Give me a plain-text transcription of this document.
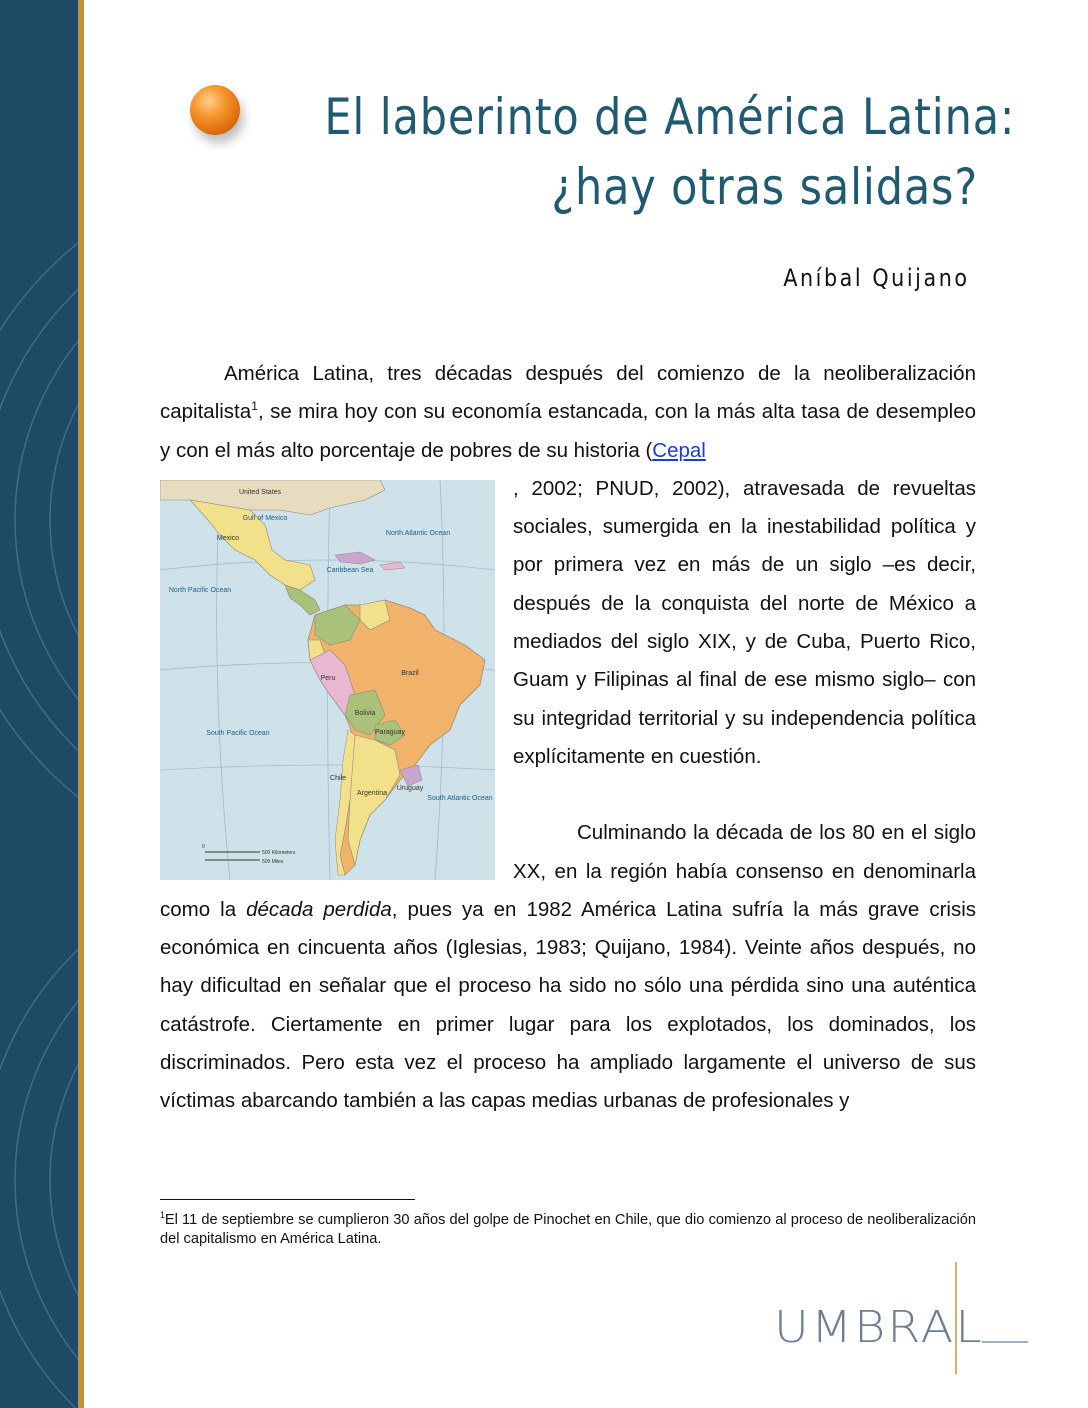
El laberinto de América Latina:
¿hay otras salidas?
Aníbal Quijano

América Latina, tres décadas después del comienzo de la neoliberalización capitalista$^1$, se mira hoy con su economía estancada, con la más alta tasa de desempleo y con el más alto porcentaje de pobres de su historia (Cepal

United States
Gulf of Mexico
Mexico
North Atlantic Ocean
Caribbean Sea
North Pacific Ocean
Brazil
Peru
Bolivia
Paraguay
Chile
Argentina
Uruguay
South Pacific Ocean
South Atlantic Ocean
0
500 Kilometers
500 Miles

, 2002; PNUD, 2002), atravesada de revueltas sociales, sumergida en la inestabilidad política y por primera vez en más de un siglo –es decir, después de la conquista del norte de México a mediados del siglo XIX, y de Cuba, Puerto Rico, Guam y Filipinas al final de ese mismo siglo– con su integridad territorial y su independencia política explícitamente en cuestión.

Culminando la década de los 80 en el siglo XX, en la región había consenso en denominarla como la década perdida, pues ya en 1982 América Latina sufría la más grave crisis económica en cincuenta años (Iglesias, 1983; Quijano, 1984). Veinte años después, no hay dificultad en señalar que el proceso ha sido no sólo una pérdida sino una auténtica catástrofe. Ciertamente en primer lugar para los explotados, los dominados, los discriminados. Pero esta vez el proceso ha ampliado largamente el universo de sus víctimas abarcando también a las capas medias urbanas de profesionales y

$^1$El 11 de septiembre se cumplieron 30 años del golpe de Pinochet en Chile, que dio comienzo al proceso de neoliberalización del capitalismo en América Latina.
UMBRAL
